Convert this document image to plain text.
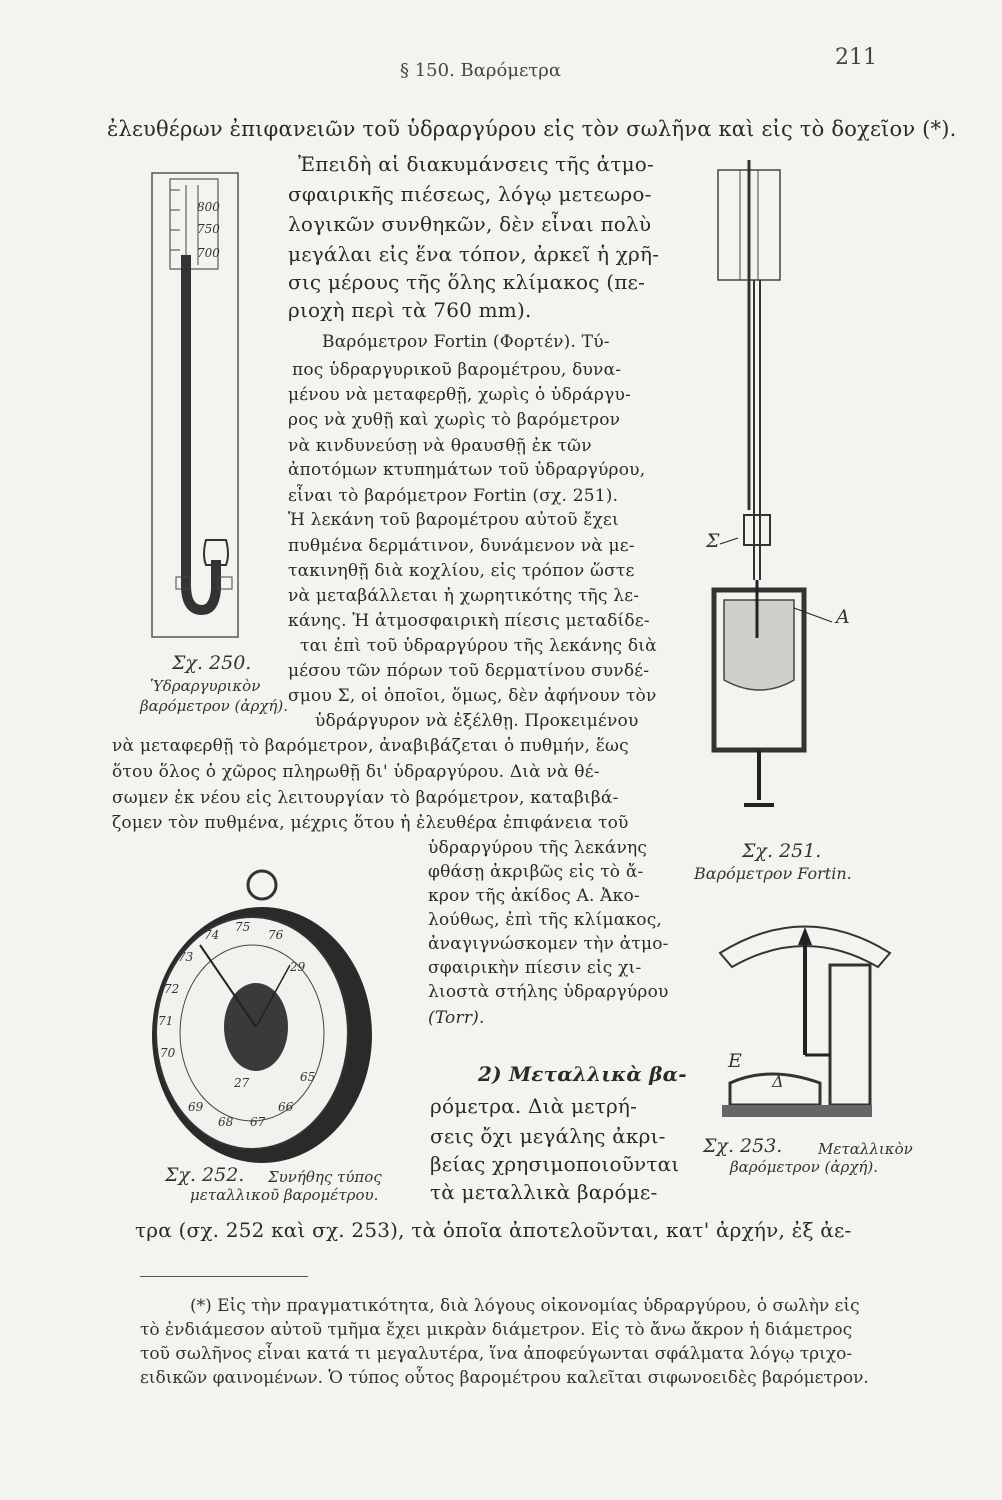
§ 150. Βαρόμετρα
211
ἐλευθέρων ἐπιφανειῶν τοῦ ὑδραργύρου εἰς τὸν σωλῆνα καὶ εἰς τὸ δοχεῖον (*).
Ἐπειδὴ αἱ διακυμάνσεις τῆς ἀτμο-
σφαιρικῆς πιέσεως, λόγῳ μετεωρο-
λογικῶν συνθηκῶν, δὲν εἶναι πολὺ
μεγάλαι εἰς ἕνα τόπον, ἀρκεῖ ἡ χρῆ-
σις μέρους τῆς ὅλης κλίμακος (πε-
ριοχὴ περὶ τὰ 760 mm).
Βαρόμετρον Fortin (Φορτέν). Τύ-
πος ὑδραργυρικοῦ βαρομέτρου, δυνα-
μένου νὰ μεταφερθῇ, χωρὶς ὁ ὑδράργυ-
ρος νὰ χυθῇ καὶ χωρὶς τὸ βαρόμετρον
νὰ κινδυνεύσῃ νὰ θραυσθῇ ἐκ τῶν
ἀποτόμων κτυπημάτων τοῦ ὑδραργύρου,
εἶναι τὸ βαρόμετρον Fortin (σχ. 251).
Ἡ λεκάνη τοῦ βαρομέτρου αὐτοῦ ἔχει
πυθμένα δερμάτινον, δυνάμενον νὰ με-
τακινηθῇ διὰ κοχλίου, εἰς τρόπον ὥστε
νὰ μεταβάλλεται ἡ χωρητικότης τῆς λε-
κάνης. Ἡ ἀτμοσφαιρικὴ πίεσις μεταδίδε-
ται ἐπὶ τοῦ ὑδραργύρου τῆς λεκάνης διὰ
μέσου τῶν πόρων τοῦ δερματίνου συνδέ-
σμου Σ, οἱ ὁποῖοι, ὅμως, δὲν ἀφήνουν τὸν
ὑδράργυρον νὰ ἐξέλθῃ. Προκειμένου
νὰ μεταφερθῇ τὸ βαρόμετρον, ἀναβιβάζεται ὁ πυθμήν, ἕως
ὅτου ὅλος ὁ χῶρος πληρωθῇ δι' ὑδραργύρου. Διὰ νὰ θέ-
σωμεν ἐκ νέου εἰς λειτουργίαν τὸ βαρόμετρον, καταβιβά-
ζομεν τὸν πυθμένα, μέχρις ὅτου ἡ ἐλευθέρα ἐπιφάνεια τοῦ
ὑδραργύρου τῆς λεκάνης
φθάσῃ ἀκριβῶς εἰς τὸ ἄ-
κρον τῆς ἀκίδος Α. Ἀκο-
λούθως, ἐπὶ τῆς κλίμακος,
ἀναγιγνώσκομεν τὴν ἀτμο-
σφαιρικὴν πίεσιν εἰς χι-
λιοστὰ στήλης ὑδραργύρου
(Torr).
2) Μεταλλικὰ βα-
ρόμετρα. Διὰ μετρή-
σεις ὄχι μεγάλης ἀκρι-
βείας χρησιμοποιοῦνται
τὰ μεταλλικὰ βαρόμε-
τρα (σχ. 252 καὶ σχ. 253), τὰ ὁποῖα ἀποτελοῦνται, κατ' ἀρχήν, ἐξ ἀε-
800
750
700
Σχ. 250.
Ὑδραργυρικὸν
βαρόμετρον (ἀρχή).
Σ
Α
Σχ. 251.
Βαρόμετρον Fortin.
74
75
76
73
72
71
70
69
68 67
66
65
29
27
Σχ. 252. Συνήθης τύπος
μεταλλικοῦ βαρομέτρου.
Ε
Δ
Σχ. 253. Μεταλλικὸν
βαρόμετρον (ἀρχή).
(*) Εἰς τὴν πραγματικότητα, διὰ λόγους οἰκονομίας ὑδραργύρου, ὁ σωλὴν εἰς
τὸ ἐνδιάμεσον αὐτοῦ τμῆμα ἔχει μικρὰν διάμετρον. Εἰς τὸ ἄνω ἄκρον ἡ διάμετρος
τοῦ σωλῆνος εἶναι κατά τι μεγαλυτέρα, ἵνα ἀποφεύγωνται σφάλματα λόγῳ τριχο-
ειδικῶν φαινομένων. Ὁ τύπος οὗτος βαρομέτρου καλεῖται σιφωνοειδὲς βαρόμετρον.
